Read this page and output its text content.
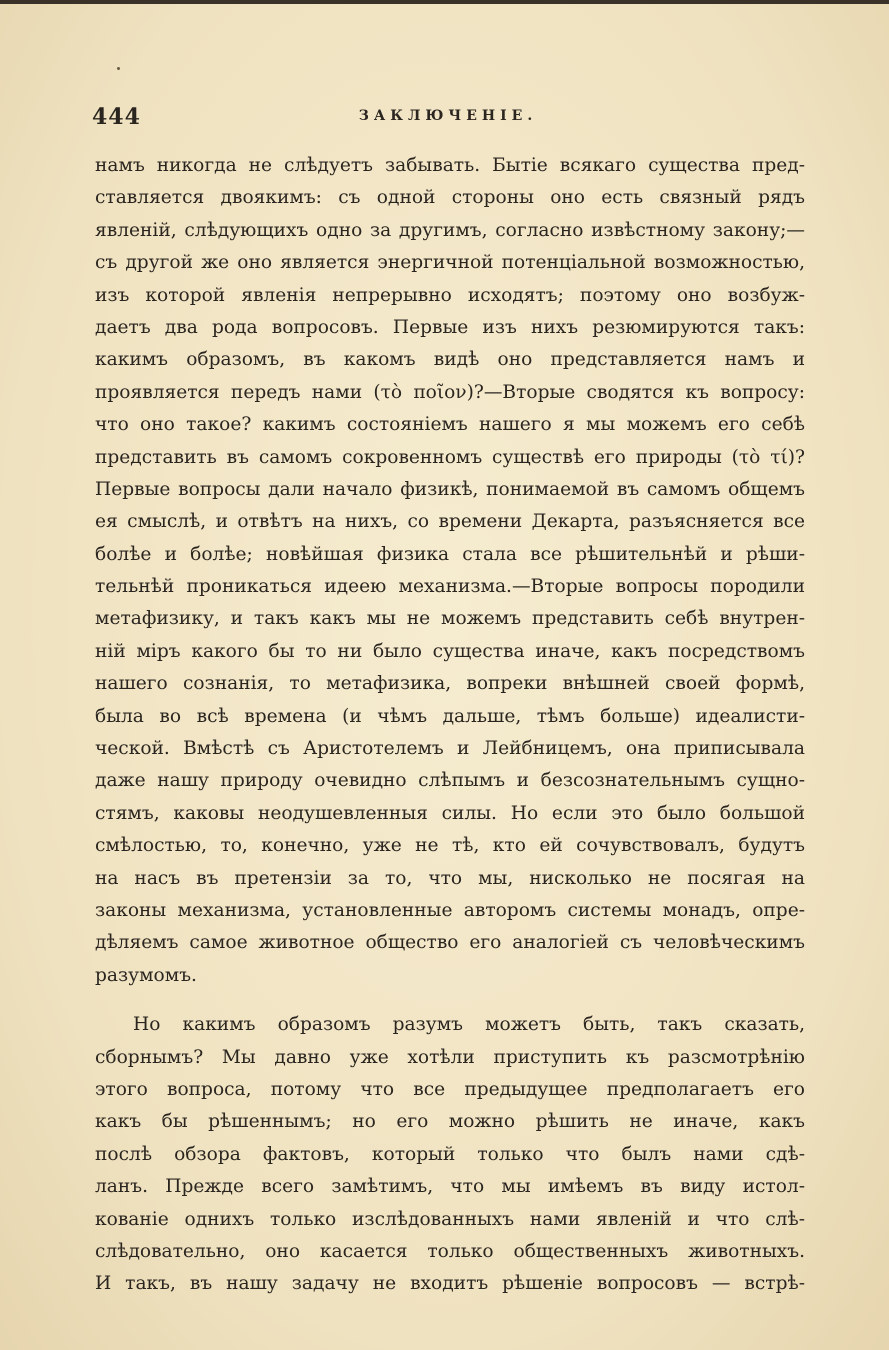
444	ЗАКЛЮЧЕНІЕ.
намъ никогда не слѣдуетъ забывать. Бытіе всякаго существа пред-
ставляется двоякимъ: съ одной стороны оно есть связный рядъ
явленій, слѣдующихъ одно за другимъ, согласно извѣстному закону;—
съ другой же оно является энергичной потенціальной возможностью,
изъ которой явленія непрерывно исходятъ; поэтому оно возбуж-
даетъ два рода вопросовъ. Первые изъ нихъ резюмируются такъ:
какимъ образомъ, въ какомъ видѣ оно представляется намъ и
проявляется передъ нами (τὸ ποῖον)?—Вторые сводятся къ вопросу:
что оно такое? какимъ состояніемъ нашего я мы можемъ его себѣ
представить въ самомъ сокровенномъ существѣ его природы (τὸ τί)?
Первые вопросы дали начало физикѣ, понимаемой въ самомъ общемъ
ея смыслѣ, и отвѣтъ на нихъ, со времени Декарта, разъясняется все
болѣе и болѣе; новѣйшая физика стала все рѣшительнѣй и рѣши-
тельнѣй проникаться идеею механизма.—Вторые вопросы породили
метафизику, и такъ какъ мы не можемъ представить себѣ внутрен-
ній міръ какого бы то ни было существа иначе, какъ посредствомъ
нашего сознанія, то метафизика, вопреки внѣшней своей формѣ,
была во всѣ времена (и чѣмъ дальше, тѣмъ больше) идеалисти-
ческой. Вмѣстѣ съ Аристотелемъ и Лейбницемъ, она приписывала
даже нашу природу очевидно слѣпымъ и безсознательнымъ сущно-
стямъ, каковы неодушевленныя силы. Но если это было большой
смѣлостью, то, конечно, уже не тѣ, кто ей сочувствовалъ, будутъ
на насъ въ претензіи за то, что мы, нисколько не посягая на
законы механизма, установленные авторомъ системы монадъ, опре-
дѣляемъ самое животное общество его аналогіей съ человѣческимъ
разумомъ.
Но какимъ образомъ разумъ можетъ быть, такъ сказать,
сборнымъ? Мы давно уже хотѣли приступить къ разсмотрѣнію
этого вопроса, потому что все предыдущее предполагаетъ его
какъ бы рѣшеннымъ; но его можно рѣшить не иначе, какъ
послѣ обзора фактовъ, который только что былъ нами сдѣ-
ланъ. Прежде всего замѣтимъ, что мы имѣемъ въ виду истол-
кованіе однихъ только изслѣдованныхъ нами явленій и что слѣ-
слѣдовательно, оно касается только общественныхъ животныхъ.
И такъ, въ нашу задачу не входитъ рѣшеніе вопросовъ — встрѣ-
